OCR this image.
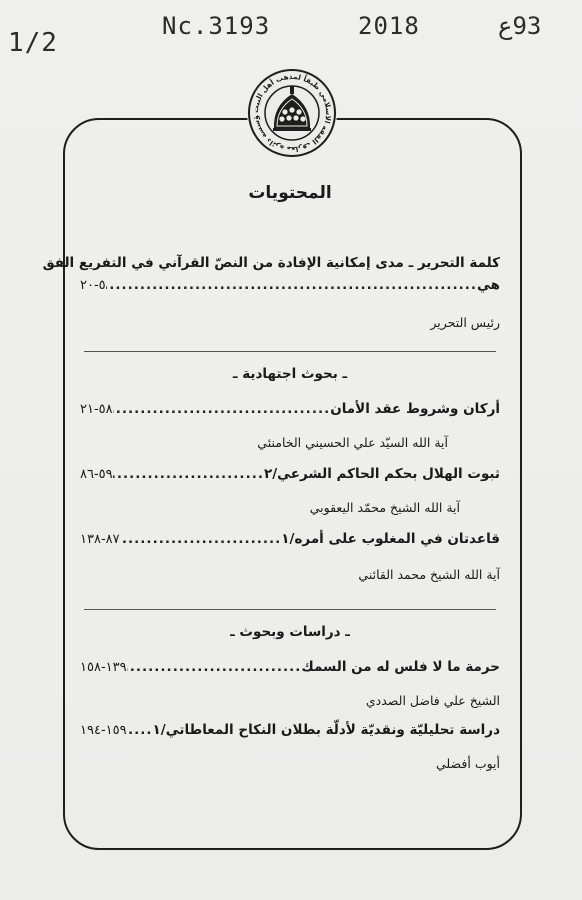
1/2
Nc.3193	2018	93ع
ؤسسة دائرة معارف الفقه الاسلامي طبقاً لمذهب أهل البيت
المحتويات
كلمة التحرير ـ مدى إمكانية الإفادة من النصّ القرآني في التفريع الفق
هي
.....
٥-٢٠
رئيس التحرير
ـ بحوث اجتهادية ـ
أركان وشروط عقد الأمان
.....
٥٨-٢١
آية الله السيّد علي الحسيني الخامنئي
ثبوت الهلال بحكم الحاكم الشرعي/٢
.....
٥٩-٨٦
آية الله الشيخ محمّد اليعقوبي
قاعدتان في المغلوب على أمره/١
.....
٨٧-١٣٨
آية الله الشيخ محمد القائني
ـ دراسات وبحوث ـ
حرمة ما لا فلس له من السمك
.....
١٣٩-١٥٨
الشيخ علي فاضل الصددي
دراسة تحليليّة ونقديّة لأدلّة بطلان النكاح المعاطاتي/١
.....
١٥٩-١٩٤
أيوب أفضلي
